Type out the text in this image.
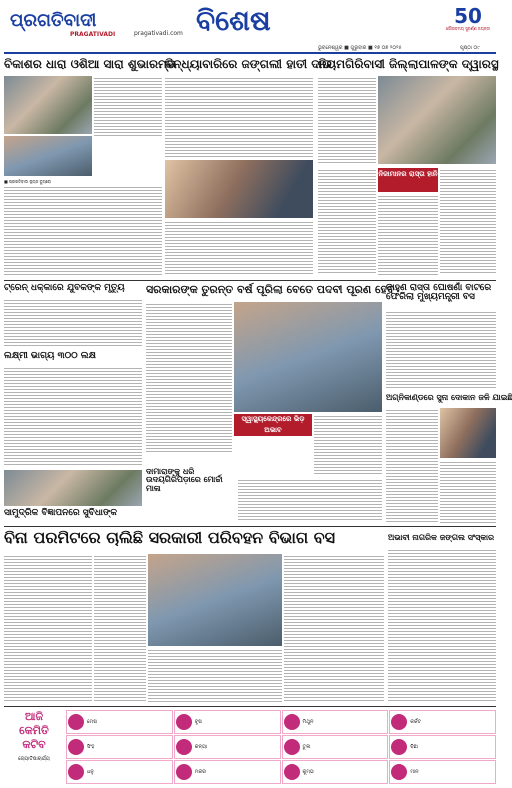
ପ୍ରଗତିବାଦୀ
PRAGATIVADI	pragativadi.com ବିଶେଷ	50
ଗୌରବମୟ ସୁବର୍ଣ୍ଣ ଜୟନ୍ତୀ
ଭୁବନେଶ୍ୱର ■ ଗୁରୁବାର ■ ୧୭ ୦୭ ୨୦୨୫	ପୃଷ୍ଠା ୦୯
ବିକାଶର ଧାରା ଓଶିଆ ସାରା ଶୁଭାରମ୍ଭ
ବିନ୍ଧ୍ୟାବାରିରେ ଜଙ୍ଗଲୀ ହାତୀ ଦାଉ
ନିୟମଗିରିବାସୀ ଜିଲ୍ଲାପାଳଙ୍କ ଦ୍ୱାରସ୍ଥ
■ ପ୍ରଗତିବାଦୀ ନ୍ୟୁଜ ବ୍ୟୁରୋ
ନିଜାମାନର ରାସ୍ତା ହାନି
ଟ୍ରେନ୍ ଧକ୍କାରେ ଯୁବକଙ୍କ ମୃତ୍ୟୁ
ଲକ୍ଷ୍ମୀ ଭାଗ୍ୟ ୩୦୦ ଲକ୍ଷ
ସରକାରଙ୍କ ତୁରନ୍ତ ବର୍ଷ ପୂରିଲା ବେତେ ପଦବୀ ପୂରଣ ହେବ
ସ୍ୱାସ୍ଥ୍ୟକେନ୍ଦ୍ରରେ ଭିଡ଼ ଅଭାବ
ଡାହୁଣ ରାସ୍ତା ଘୋଷଣାଁ ବାଟରେ ଫେରିଲା ମୁଖ୍ୟମନ୍ତ୍ରୀ ବସ
ଅଗ୍ନିକାଣ୍ଡରେ ସୁନା ଦୋକାନ ଜଳି ଯାଇଛି
ଦାମାରାଙ୍କୁ ଧରି ଉଦୟଗିରିପଡ଼ାରେ ମୋର୍ଚ୍ଚା ମାଳା
ସାମୁଦ୍ରିକ ବିଜ୍ଞାପନରେ ସୁବିଧାଙ୍କ
ବିନା ପରମିଟରେ ଚାଲିଛି ସରକାରୀ ପରିବହନ ବିଭାଗ ବସ	ଅଭାବୀ ନାଗରିକ ଜଙ୍ଗଲ ସଂସ୍କାର
ଆଜି
କେମିତି
କଟିବ
ଜ୍ୟୋତିଷାଚାର୍ଯ୍ୟ
ମେଷ	ବୃଷ	ମିଥୁନ	କର୍କଟ
ସିଂହ	କନ୍ୟା	ତୁଳା	ବିଛା
ଧନୁ	ମକର	କୁମ୍ଭ	ମୀନ
